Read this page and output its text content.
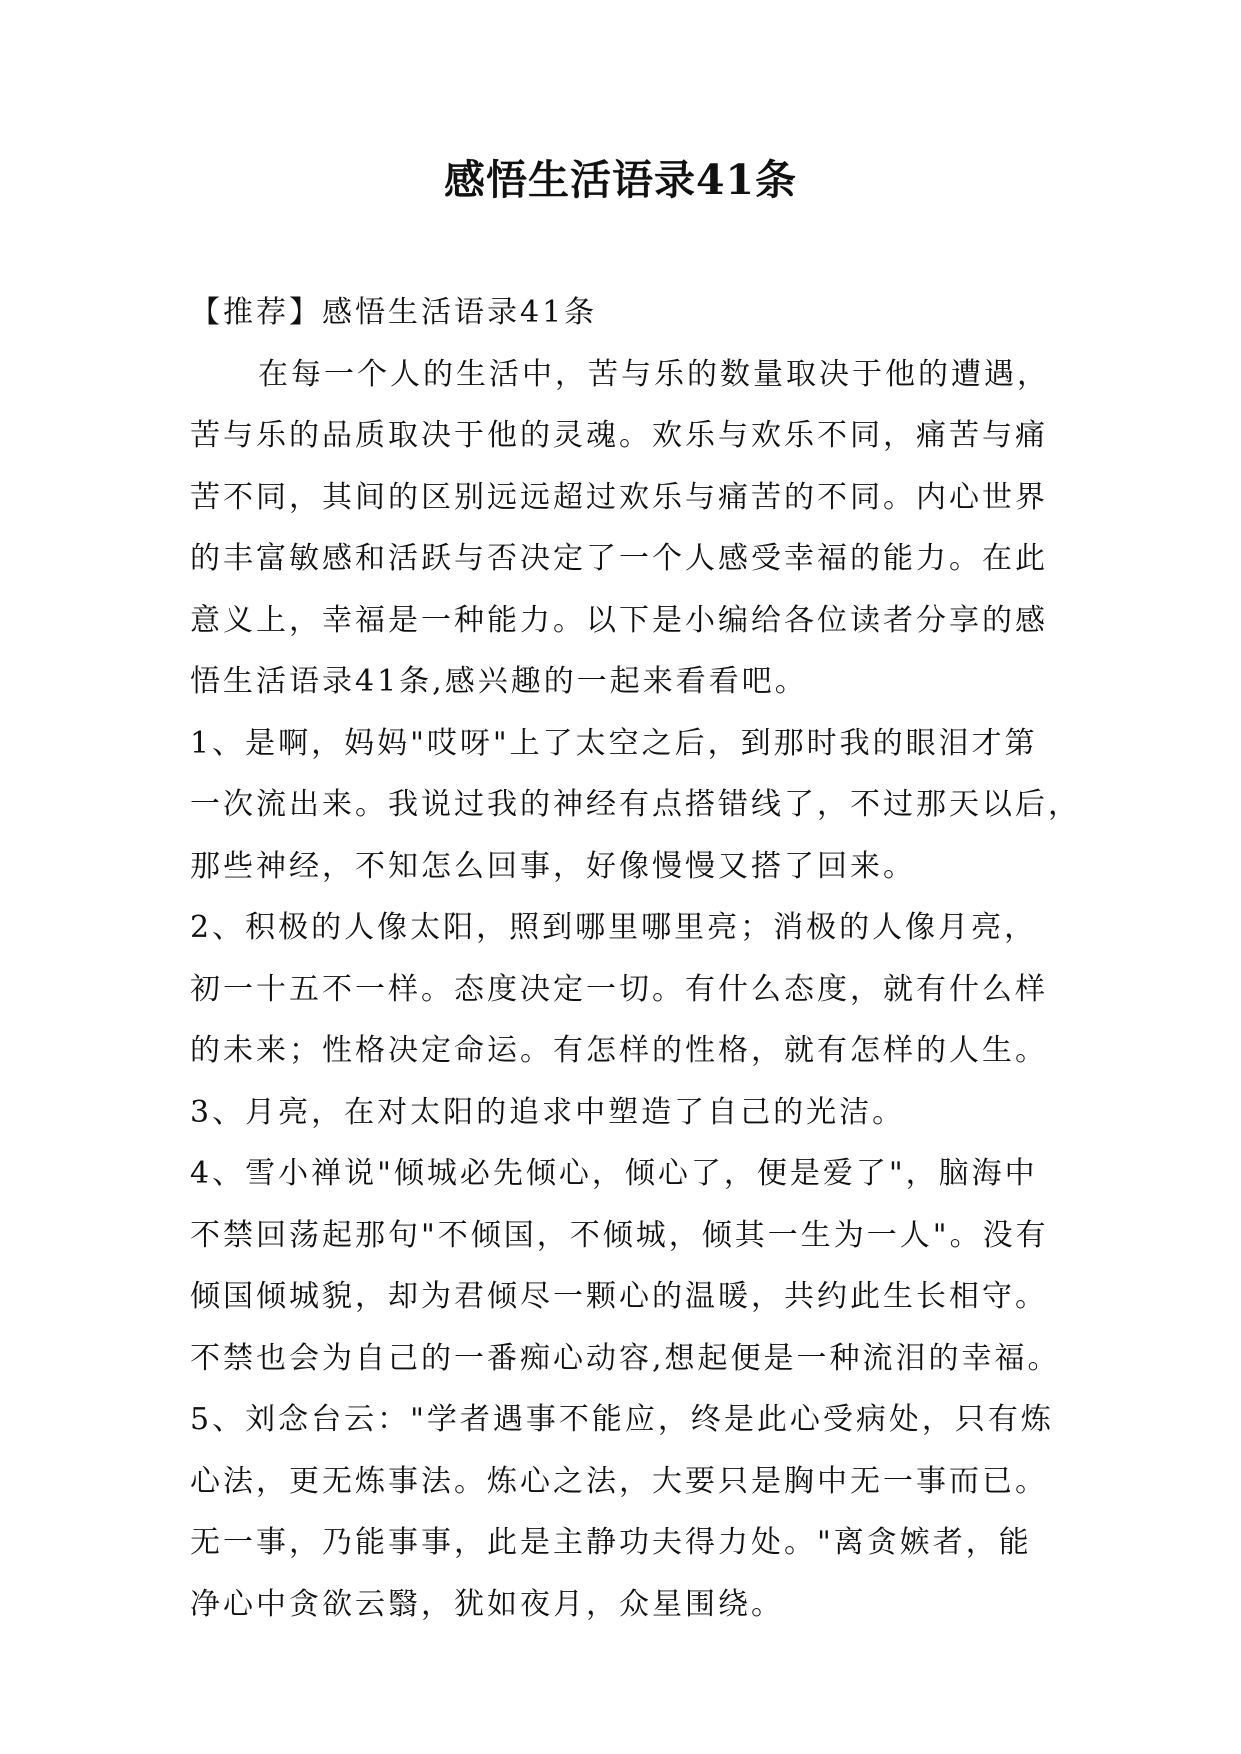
感悟生活语录41条

【推荐】感悟生活语录41条

在每一个人的生活中，苦与乐的数量取决于他的遭遇，
苦与乐的品质取决于他的灵魂。欢乐与欢乐不同，痛苦与痛
苦不同，其间的区别远远超过欢乐与痛苦的不同。内心世界
的丰富敏感和活跃与否决定了一个人感受幸福的能力。在此
意义上，幸福是一种能力。以下是小编给各位读者分享的感
悟生活语录41条,感兴趣的一起来看看吧。

1、是啊，妈妈"哎呀"上了太空之后，到那时我的眼泪才第
一次流出来。我说过我的神经有点搭错线了，不过那天以后，
那些神经，不知怎么回事，好像慢慢又搭了回来。

2、积极的人像太阳，照到哪里哪里亮；消极的人像月亮，
初一十五不一样。态度决定一切。有什么态度，就有什么样
的未来；性格决定命运。有怎样的性格，就有怎样的人生。

3、月亮，在对太阳的追求中塑造了自己的光洁。

4、雪小禅说"倾城必先倾心，倾心了，便是爱了"，脑海中
不禁回荡起那句"不倾国，不倾城，倾其一生为一人"。没有
倾国倾城貌，却为君倾尽一颗心的温暖，共约此生长相守。
不禁也会为自己的一番痴心动容,想起便是一种流泪的幸福。

5、刘念台云："学者遇事不能应，终是此心受病处，只有炼
心法，更无炼事法。炼心之法，大要只是胸中无一事而已。
无一事，乃能事事，此是主静功夫得力处。"离贪嫉者，能
净心中贪欲云翳，犹如夜月，众星围绕。
